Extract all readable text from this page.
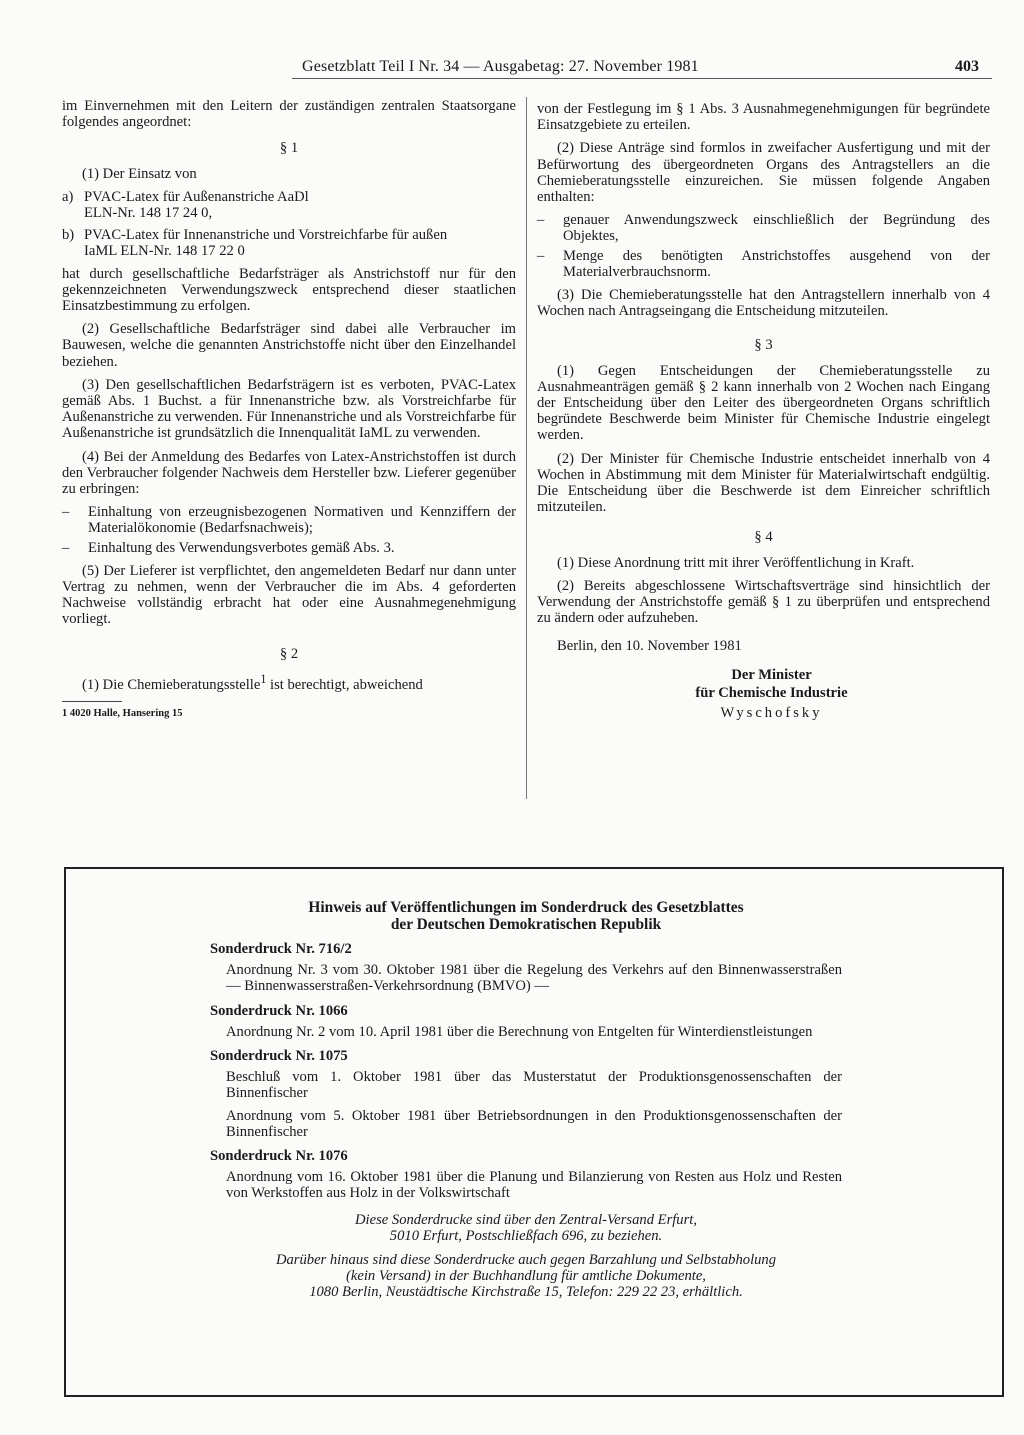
Gesetzblatt Teil I Nr. 34 — Ausgabetag: 27. November 1981	403

im Einvernehmen mit den Leitern der zuständigen zentralen Staatsorgane folgendes angeordnet:

§ 1

(1) Der Einsatz von

a) PVAC-Latex für Außenanstriche AaDl
ELN-Nr. 148 17 24 0,
b) PVAC-Latex für Innenanstriche und Vorstreichfarbe für außen
IaML ELN-Nr. 148 17 22 0

hat durch gesellschaftliche Bedarfsträger als Anstrichstoff nur für den gekennzeichneten Verwendungszweck entsprechend dieser staatlichen Einsatzbestimmung zu erfolgen.

(2) Gesellschaftliche Bedarfsträger sind dabei alle Verbraucher im Bauwesen, welche die genannten Anstrichstoffe nicht über den Einzelhandel beziehen.

(3) Den gesellschaftlichen Bedarfsträgern ist es verboten, PVAC-Latex gemäß Abs. 1 Buchst. a für Innenanstriche bzw. als Vorstreichfarbe für Außenanstriche zu verwenden. Für Innenanstriche und als Vorstreichfarbe für Außenanstriche ist grundsätzlich die Innenqualität IaML zu verwenden.

(4) Bei der Anmeldung des Bedarfes von Latex-Anstrichstoffen ist durch den Verbraucher folgender Nachweis dem Hersteller bzw. Lieferer gegenüber zu erbringen:

– Einhaltung von erzeugnisbezogenen Normativen und Kennziffern der Materialökonomie (Bedarfsnachweis);
– Einhaltung des Verwendungsverbotes gemäß Abs. 3.

(5) Der Lieferer ist verpflichtet, den angemeldeten Bedarf nur dann unter Vertrag zu nehmen, wenn der Verbraucher die im Abs. 4 geforderten Nachweise vollständig erbracht hat oder eine Ausnahmegenehmigung vorliegt.

§ 2

(1) Die Chemieberatungsstelle$^1$ ist berechtigt, abweichend

1 4020 Halle, Hansering 15

von der Festlegung im § 1 Abs. 3 Ausnahmegenehmigungen für begründete Einsatzgebiete zu erteilen.

(2) Diese Anträge sind formlos in zweifacher Ausfertigung und mit der Befürwortung des übergeordneten Organs des Antragstellers an die Chemieberatungsstelle einzureichen. Sie müssen folgende Angaben enthalten:

– genauer Anwendungszweck einschließlich der Begründung des Objektes,
– Menge des benötigten Anstrichstoffes ausgehend von der Materialverbrauchsnorm.

(3) Die Chemieberatungsstelle hat den Antragstellern innerhalb von 4 Wochen nach Antragseingang die Entscheidung mitzuteilen.

§ 3

(1) Gegen Entscheidungen der Chemieberatungsstelle zu Ausnahmeanträgen gemäß § 2 kann innerhalb von 2 Wochen nach Eingang der Entscheidung über den Leiter des übergeordneten Organs schriftlich begründete Beschwerde beim Minister für Chemische Industrie eingelegt werden.

(2) Der Minister für Chemische Industrie entscheidet innerhalb von 4 Wochen in Abstimmung mit dem Minister für Materialwirtschaft endgültig. Die Entscheidung über die Beschwerde ist dem Einreicher schriftlich mitzuteilen.

§ 4

(1) Diese Anordnung tritt mit ihrer Veröffentlichung in Kraft.

(2) Bereits abgeschlossene Wirtschaftsverträge sind hinsichtlich der Verwendung der Anstrichstoffe gemäß § 1 zu überprüfen und entsprechend zu ändern oder aufzuheben.

Berlin, den 10. November 1981

Der Minister
für Chemische Industrie
Wyschofsky
Hinweis auf Veröffentlichungen im Sonderdruck des Gesetzblattes
der Deutschen Demokratischen Republik
Sonderdruck Nr. 716/2

Anordnung Nr. 3 vom 30. Oktober 1981 über die Regelung des Verkehrs auf den Binnenwasserstraßen — Binnenwasserstraßen-Verkehrsordnung (BMVO) —

Sonderdruck Nr. 1066

Anordnung Nr. 2 vom 10. April 1981 über die Berechnung von Entgelten für Winterdienstleistungen

Sonderdruck Nr. 1075

Beschluß vom 1. Oktober 1981 über das Musterstatut der Produktionsgenossenschaften der Binnenfischer

Anordnung vom 5. Oktober 1981 über Betriebsordnungen in den Produktionsgenossenschaften der Binnenfischer

Sonderdruck Nr. 1076

Anordnung vom 16. Oktober 1981 über die Planung und Bilanzierung von Resten aus Holz und Resten von Werkstoffen aus Holz in der Volkswirtschaft

Diese Sonderdrucke sind über den Zentral-Versand Erfurt,
5010 Erfurt, Postschließfach 696, zu beziehen.

Darüber hinaus sind diese Sonderdrucke auch gegen Barzahlung und Selbstabholung
(kein Versand) in der Buchhandlung für amtliche Dokumente,
1080 Berlin, Neustädtische Kirchstraße 15, Telefon: 229 22 23, erhältlich.
